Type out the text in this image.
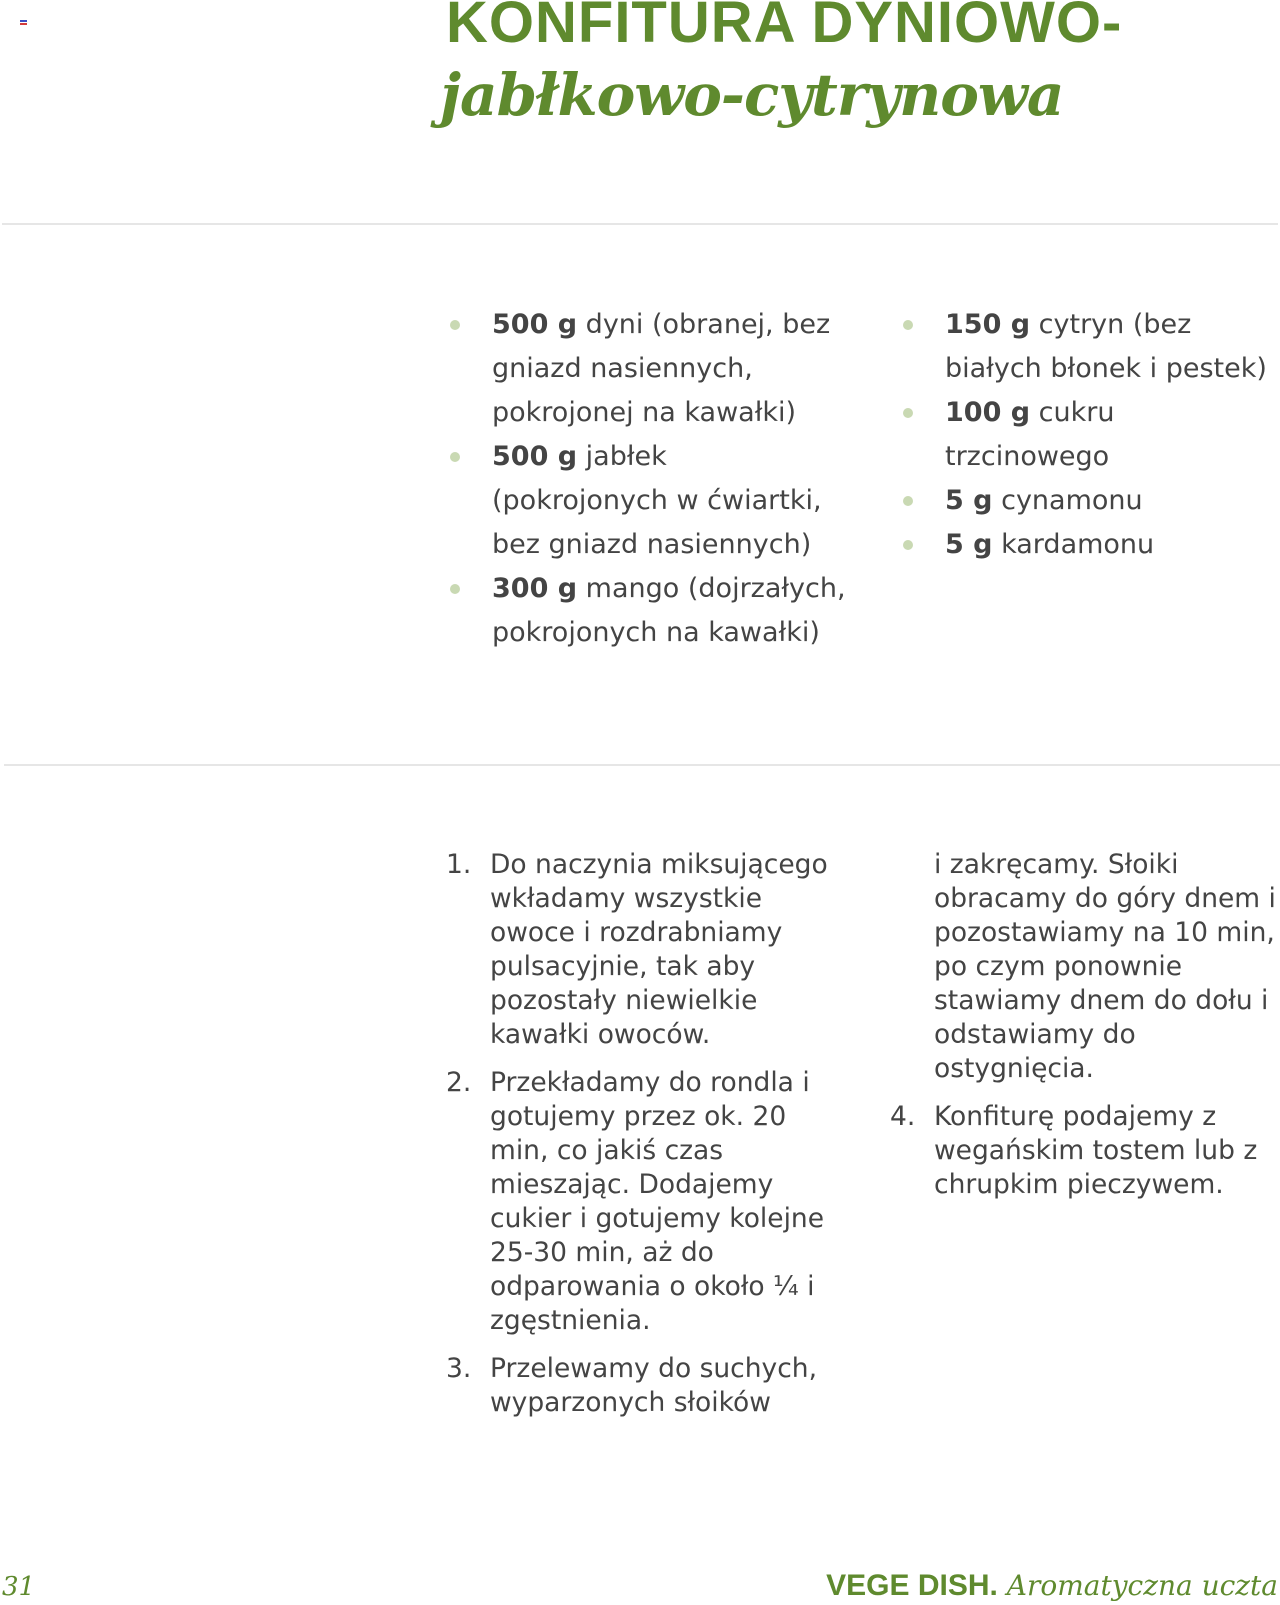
KONFITURA DYNIOWO-
jabłkowo-cytrynowa
500 g dyni (obranej, bez gniazd nasiennych, pokrojonej na kawałki)
500 g jabłek (pokrojonych w ćwiartki, bez gniazd nasiennych)
300 g mango (dojrzałych, pokrojonych na kawałki)
150 g cytryn (bez białych błonek i pestek)
100 g cukru trzcinowego
5 g cynamonu
5 g kardamonu
1. Do naczynia miksującego wkładamy wszystkie owoce i rozdrabniamy pulsacyjnie, tak aby pozostały niewielkie kawałki owoców.
2. Przekładamy do rondla i gotujemy przez ok. 20 min, co jakiś czas mieszając. Dodajemy cukier i gotujemy kolejne 25-30 min, aż do odparowania o około ¼ i zgęstnienia.
3. Przelewamy do suchych, wyparzonych słoików
i zakręcamy. Słoiki obracamy do góry dnem i pozostawiamy na 10 min, po czym ponownie stawiamy dnem do dołu i odstawiamy do ostygnięcia.
4. Konfiturę podajemy z wegańskim tostem lub z chrupkim pieczywem.
31	VEGE DISH. Aromatyczna uczta
